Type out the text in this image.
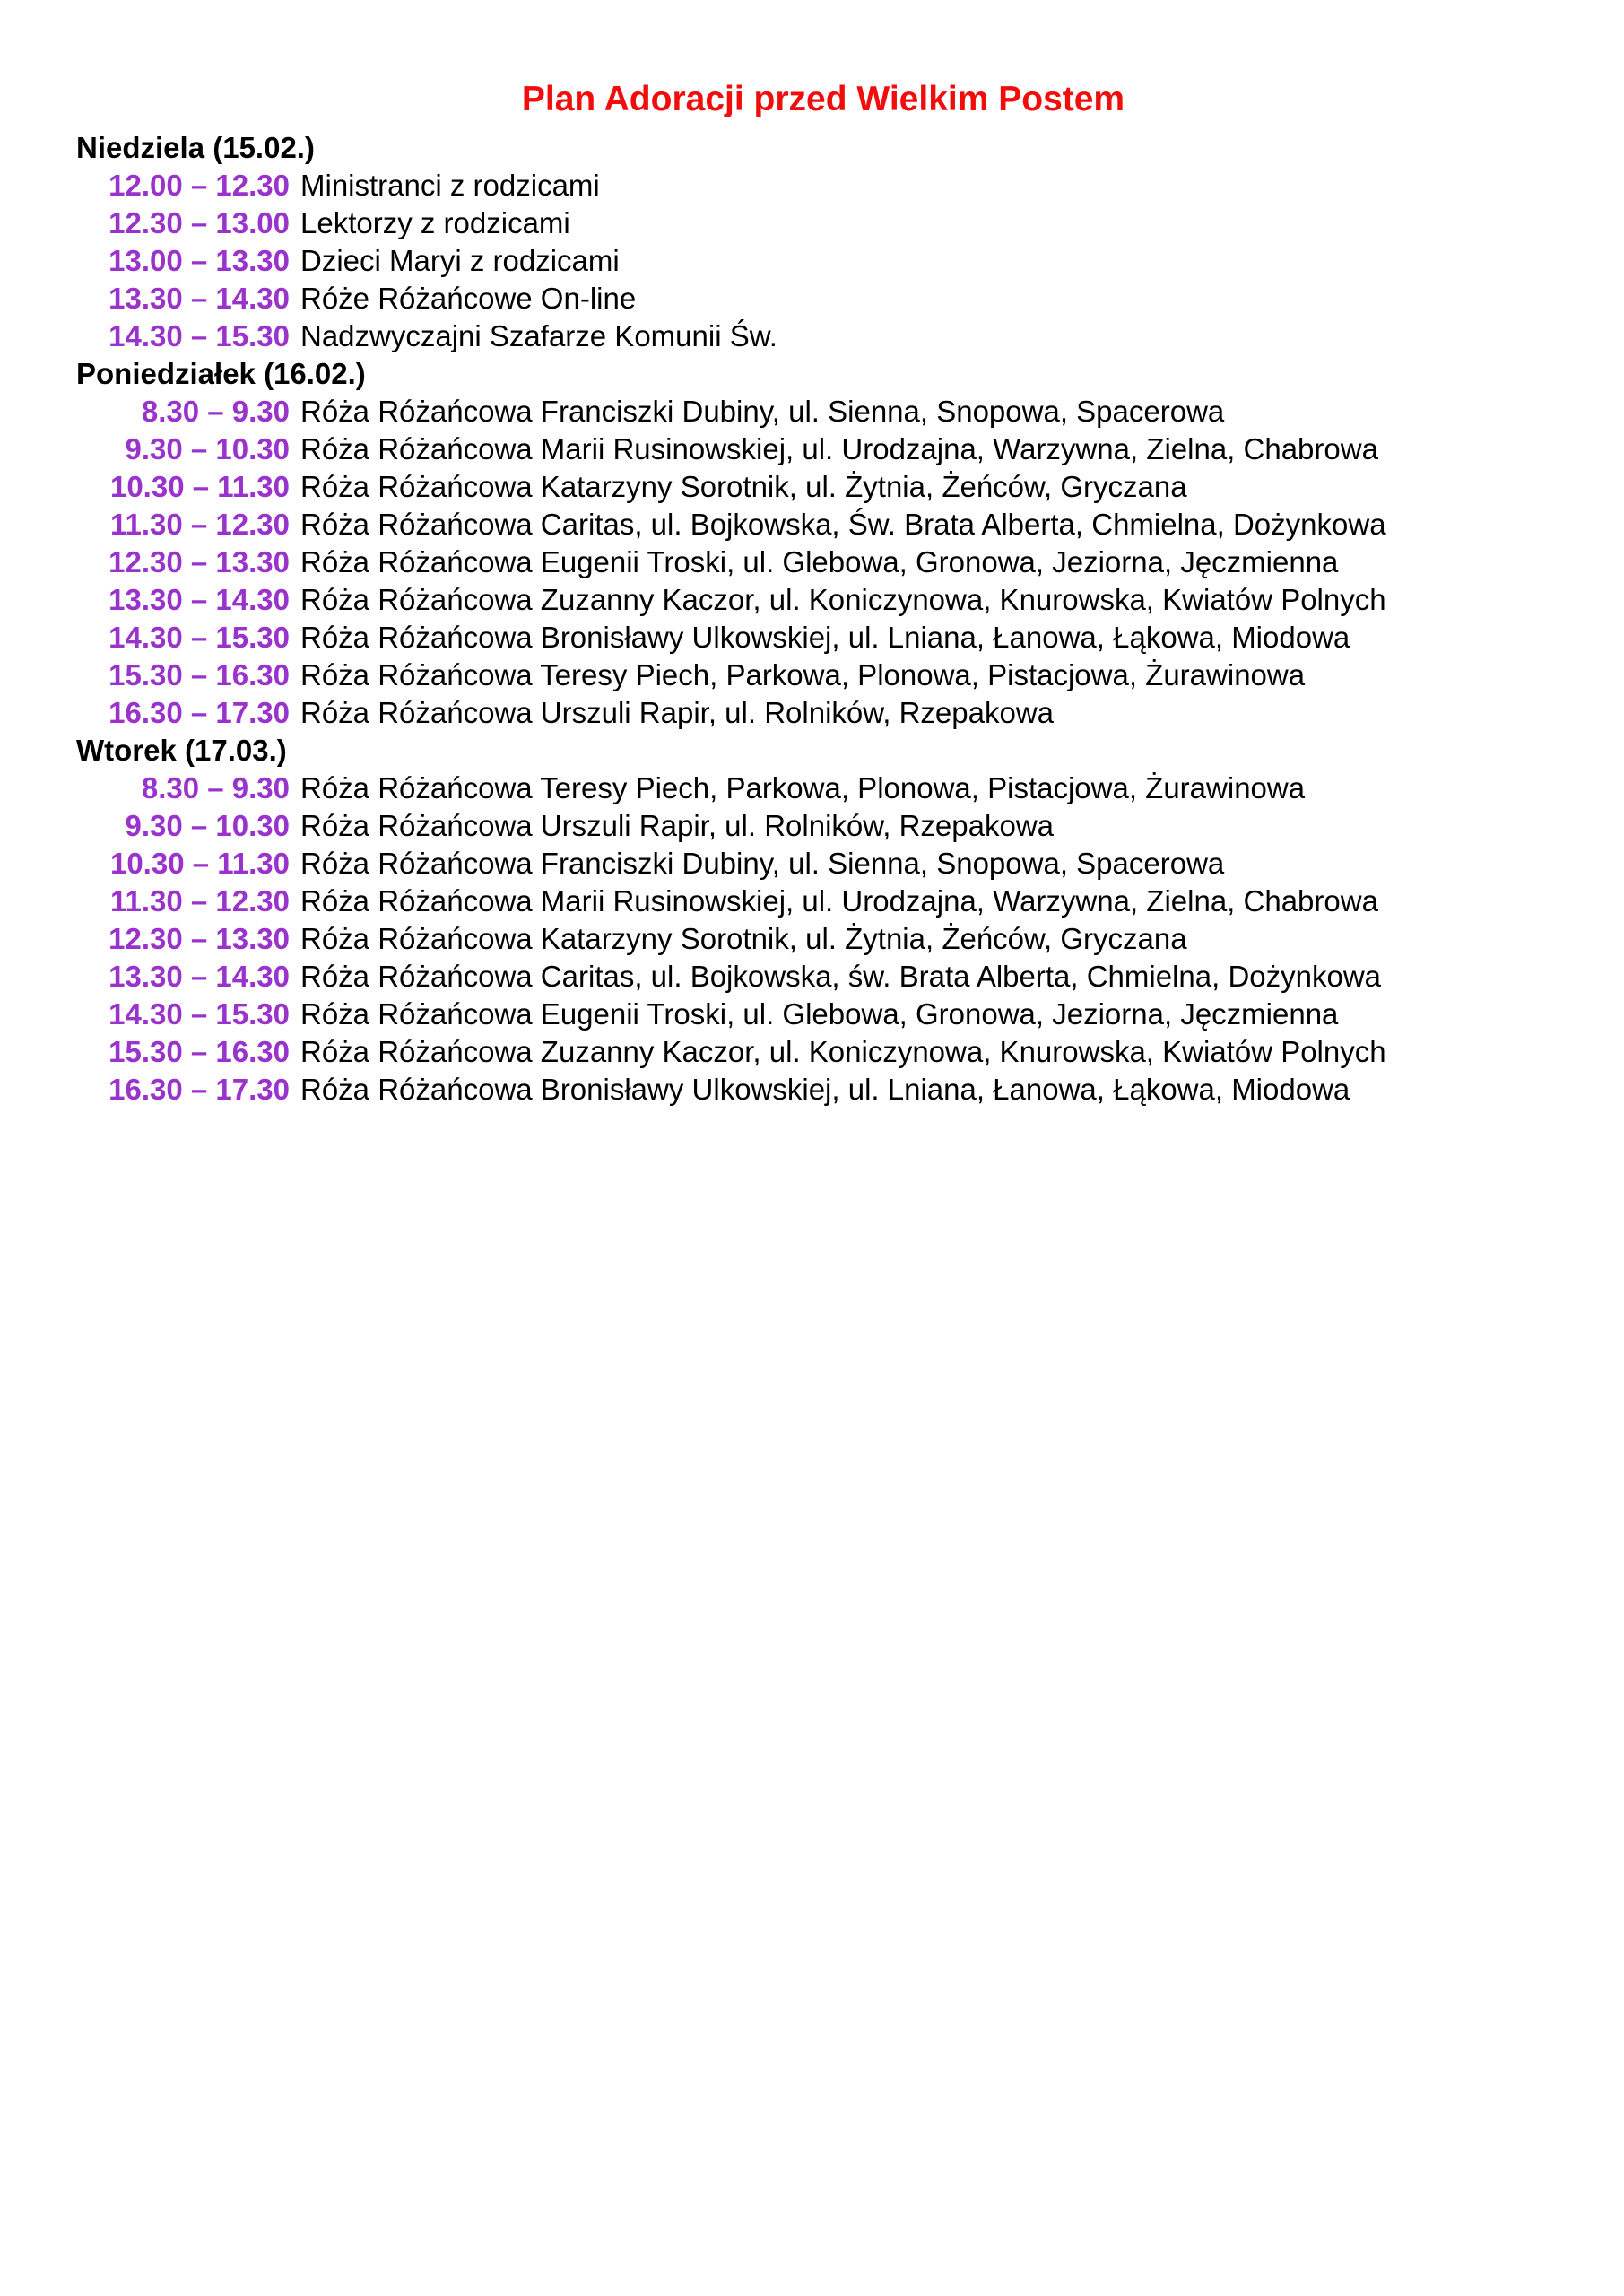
Plan Adoracji przed Wielkim Postem
Niedziela (15.02.)
12.00 – 12.30 Ministranci z rodzicami
12.30 – 13.00 Lektorzy z rodzicami
13.00 – 13.30 Dzieci Maryi z rodzicami
13.30 – 14.30 Róże Różańcowe On-line
14.30 – 15.30 Nadzwyczajni Szafarze Komunii Św.
Poniedziałek (16.02.)
8.30 – 9.30 Róża Różańcowa Franciszki Dubiny, ul. Sienna, Snopowa, Spacerowa
9.30 – 10.30 Róża Różańcowa Marii Rusinowskiej, ul. Urodzajna, Warzywna, Zielna, Chabrowa
10.30 – 11.30 Róża Różańcowa Katarzyny Sorotnik, ul. Żytnia, Żeńców, Gryczana
11.30 – 12.30 Róża Różańcowa Caritas, ul. Bojkowska, Św. Brata Alberta, Chmielna, Dożynkowa
12.30 – 13.30 Róża Różańcowa Eugenii Troski, ul. Glebowa, Gronowa, Jeziorna, Jęczmienna
13.30 – 14.30 Róża Różańcowa Zuzanny Kaczor, ul. Koniczynowa, Knurowska, Kwiatów Polnych
14.30 – 15.30 Róża Różańcowa Bronisławy Ulkowskiej, ul. Lniana, Łanowa, Łąkowa, Miodowa
15.30 – 16.30 Róża Różańcowa Teresy Piech, Parkowa, Plonowa, Pistacjowa, Żurawinowa
16.30 – 17.30 Róża Różańcowa Urszuli Rapir, ul. Rolników, Rzepakowa
Wtorek (17.03.)
8.30 – 9.30 Róża Różańcowa Teresy Piech, Parkowa, Plonowa, Pistacjowa, Żurawinowa
9.30 – 10.30 Róża Różańcowa Urszuli Rapir, ul. Rolników, Rzepakowa
10.30 – 11.30 Róża Różańcowa Franciszki Dubiny, ul. Sienna, Snopowa, Spacerowa
11.30 – 12.30 Róża Różańcowa Marii Rusinowskiej, ul. Urodzajna, Warzywna, Zielna, Chabrowa
12.30 – 13.30 Róża Różańcowa Katarzyny Sorotnik, ul. Żytnia, Żeńców, Gryczana
13.30 – 14.30 Róża Różańcowa Caritas, ul. Bojkowska, św. Brata Alberta, Chmielna, Dożynkowa
14.30 – 15.30 Róża Różańcowa Eugenii Troski, ul. Glebowa, Gronowa, Jeziorna, Jęczmienna
15.30 – 16.30 Róża Różańcowa Zuzanny Kaczor, ul. Koniczynowa, Knurowska, Kwiatów Polnych
16.30 – 17.30 Róża Różańcowa Bronisławy Ulkowskiej, ul. Lniana, Łanowa, Łąkowa, Miodowa
